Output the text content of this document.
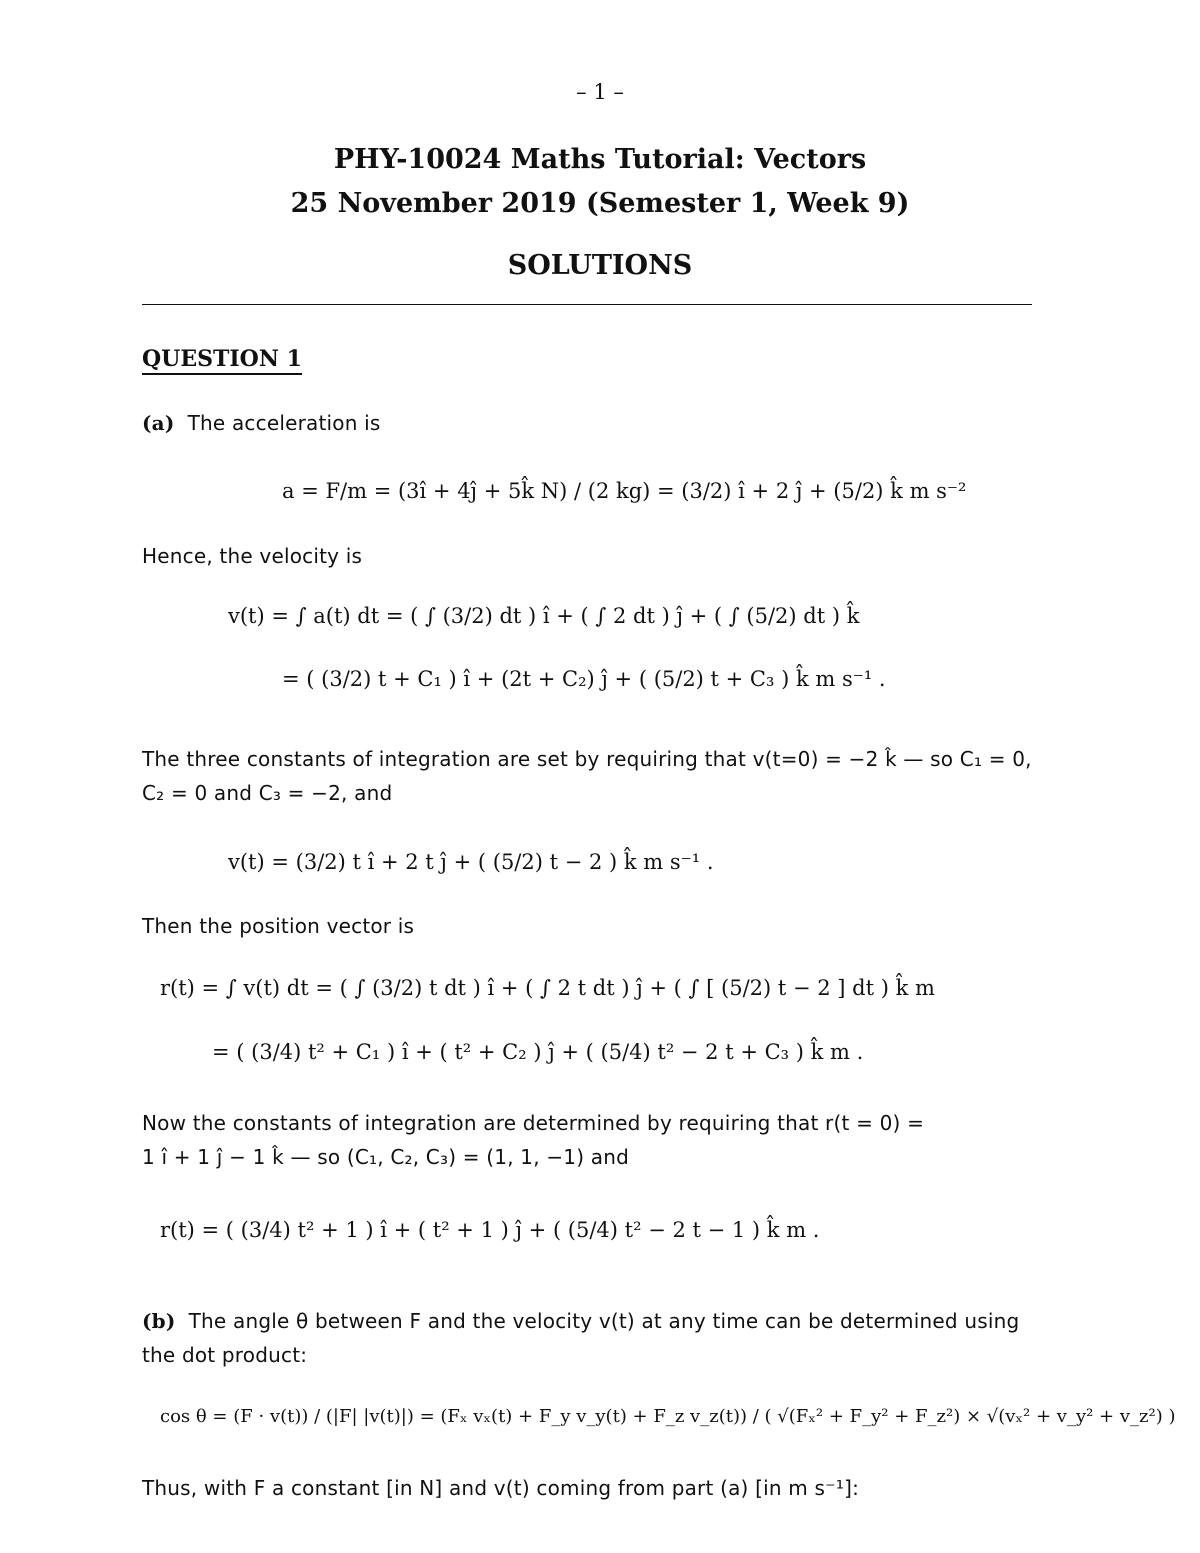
– 1 –
PHY-10024 Maths Tutorial: Vectors
25 November 2019 (Semester 1, Week 9)
SOLUTIONS
QUESTION 1
(a) The acceleration is
a = F/m = (3î + 4ĵ + 5k̂ N) / (2 kg) = (3/2) î + 2 ĵ + (5/2) k̂ m s⁻²
Hence, the velocity is
v(t) = ∫ a(t) dt = ( ∫ (3/2) dt ) î + ( ∫ 2 dt ) ĵ + ( ∫ (5/2) dt ) k̂
= ( (3/2) t + C₁ ) î + (2t + C₂) ĵ + ( (5/2) t + C₃ ) k̂ m s⁻¹ .
The three constants of integration are set by requiring that v(t=0) = −2 k̂ — so C₁ = 0,
C₂ = 0 and C₃ = −2, and
v(t) = (3/2) t î + 2 t ĵ + ( (5/2) t − 2 ) k̂ m s⁻¹ .
Then the position vector is
r(t) = ∫ v(t) dt = ( ∫ (3/2) t dt ) î + ( ∫ 2 t dt ) ĵ + ( ∫ [ (5/2) t − 2 ] dt ) k̂ m
= ( (3/4) t² + C₁ ) î + ( t² + C₂ ) ĵ + ( (5/4) t² − 2 t + C₃ ) k̂ m .
Now the constants of integration are determined by requiring that r(t = 0) =
1 î + 1 ĵ − 1 k̂ — so (C₁, C₂, C₃) = (1, 1, −1) and
r(t) = ( (3/4) t² + 1 ) î + ( t² + 1 ) ĵ + ( (5/4) t² − 2 t − 1 ) k̂ m .
(b) The angle θ between F and the velocity v(t) at any time can be determined using
the dot product:
cos θ = (F · v(t)) / (|F| |v(t)|) = (Fₓ vₓ(t) + F_y v_y(t) + F_z v_z(t)) / ( √(Fₓ² + F_y² + F_z²) × √(vₓ² + v_y² + v_z²) )
Thus, with F a constant [in N] and v(t) coming from part (a) [in m s⁻¹]:
